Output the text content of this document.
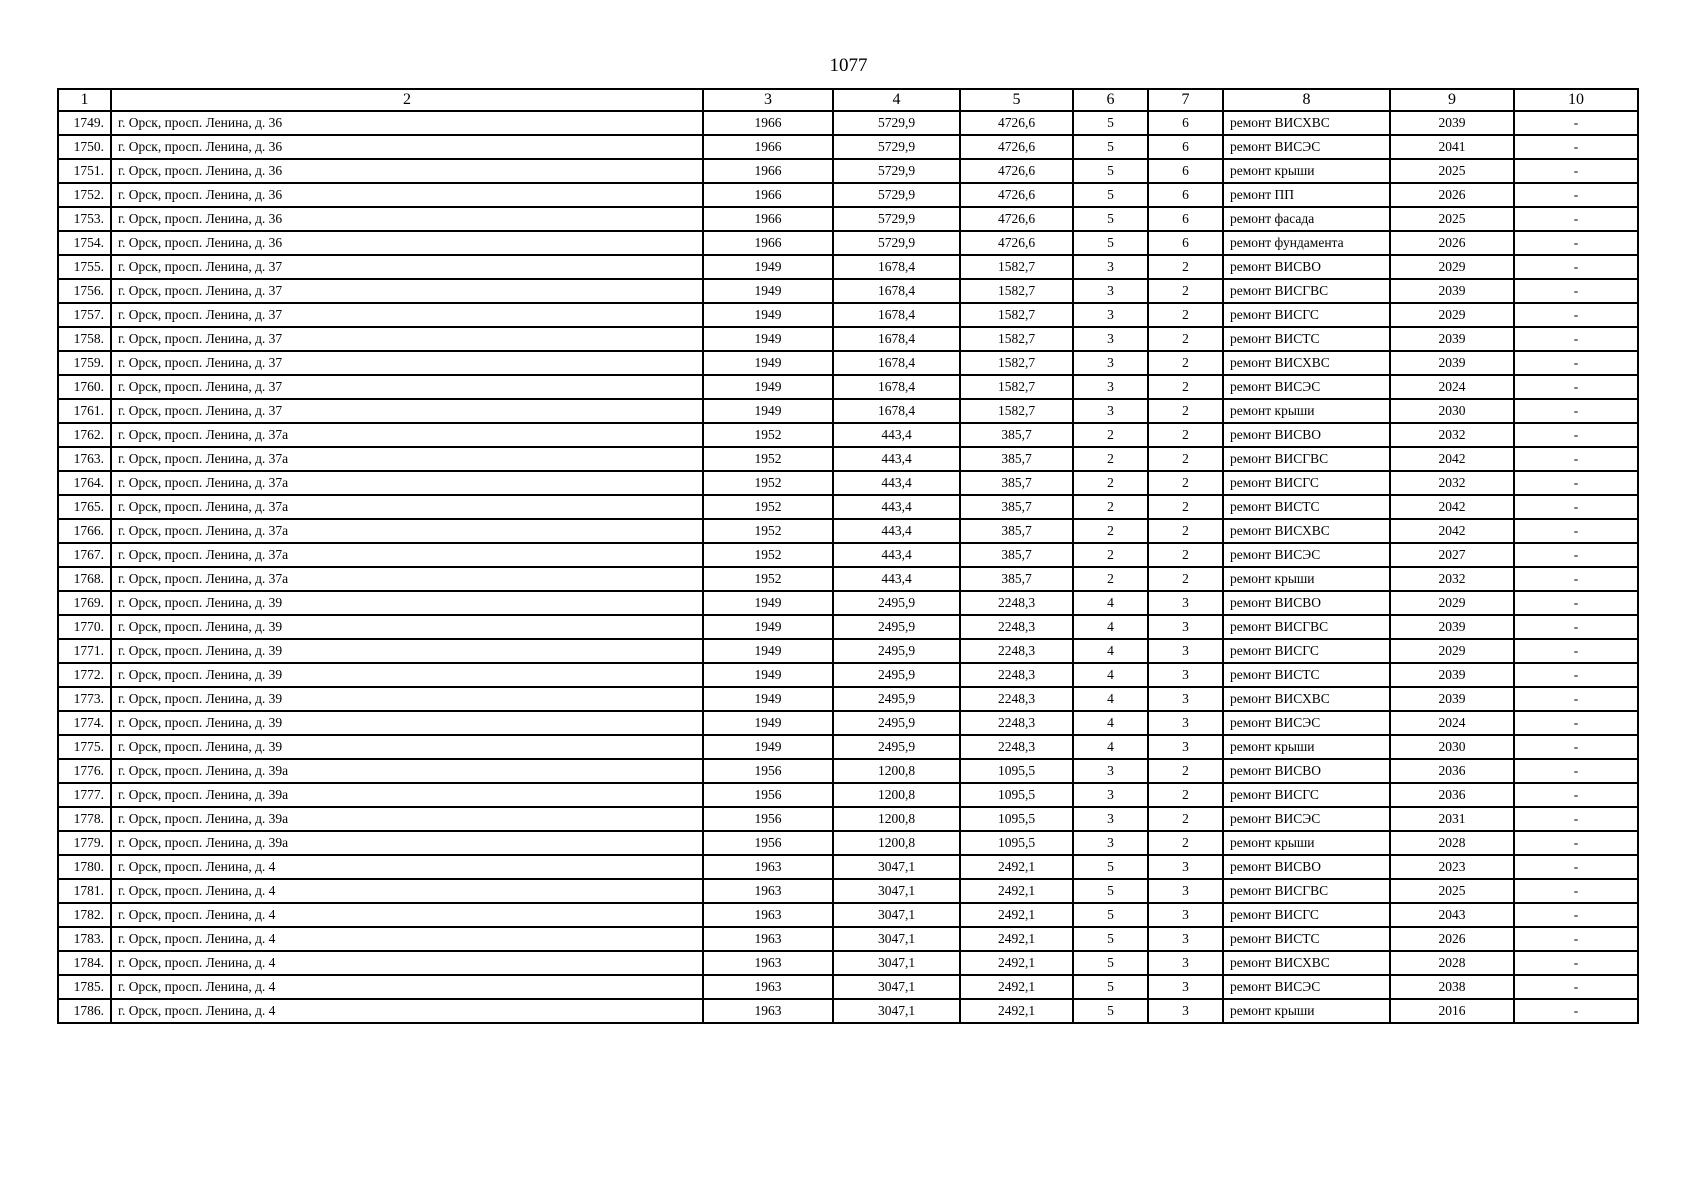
1077
1	2	3	4	5	6	7	8	9	10
1749.	г. Орск, просп. Ленина, д. 36	1966	5729,9	4726,6	5	6	ремонт ВИСХВС	2039	-
1750.	г. Орск, просп. Ленина, д. 36	1966	5729,9	4726,6	5	6	ремонт ВИСЭС	2041	-
1751.	г. Орск, просп. Ленина, д. 36	1966	5729,9	4726,6	5	6	ремонт крыши	2025	-
1752.	г. Орск, просп. Ленина, д. 36	1966	5729,9	4726,6	5	6	ремонт ПП	2026	-
1753.	г. Орск, просп. Ленина, д. 36	1966	5729,9	4726,6	5	6	ремонт фасада	2025	-
1754.	г. Орск, просп. Ленина, д. 36	1966	5729,9	4726,6	5	6	ремонт фундамента	2026	-
1755.	г. Орск, просп. Ленина, д. 37	1949	1678,4	1582,7	3	2	ремонт ВИСВО	2029	-
1756.	г. Орск, просп. Ленина, д. 37	1949	1678,4	1582,7	3	2	ремонт ВИСГВС	2039	-
1757.	г. Орск, просп. Ленина, д. 37	1949	1678,4	1582,7	3	2	ремонт ВИСГС	2029	-
1758.	г. Орск, просп. Ленина, д. 37	1949	1678,4	1582,7	3	2	ремонт ВИСТС	2039	-
1759.	г. Орск, просп. Ленина, д. 37	1949	1678,4	1582,7	3	2	ремонт ВИСХВС	2039	-
1760.	г. Орск, просп. Ленина, д. 37	1949	1678,4	1582,7	3	2	ремонт ВИСЭС	2024	-
1761.	г. Орск, просп. Ленина, д. 37	1949	1678,4	1582,7	3	2	ремонт крыши	2030	-
1762.	г. Орск, просп. Ленина, д. 37а	1952	443,4	385,7	2	2	ремонт ВИСВО	2032	-
1763.	г. Орск, просп. Ленина, д. 37а	1952	443,4	385,7	2	2	ремонт ВИСГВС	2042	-
1764.	г. Орск, просп. Ленина, д. 37а	1952	443,4	385,7	2	2	ремонт ВИСГС	2032	-
1765.	г. Орск, просп. Ленина, д. 37а	1952	443,4	385,7	2	2	ремонт ВИСТС	2042	-
1766.	г. Орск, просп. Ленина, д. 37а	1952	443,4	385,7	2	2	ремонт ВИСХВС	2042	-
1767.	г. Орск, просп. Ленина, д. 37а	1952	443,4	385,7	2	2	ремонт ВИСЭС	2027	-
1768.	г. Орск, просп. Ленина, д. 37а	1952	443,4	385,7	2	2	ремонт крыши	2032	-
1769.	г. Орск, просп. Ленина, д. 39	1949	2495,9	2248,3	4	3	ремонт ВИСВО	2029	-
1770.	г. Орск, просп. Ленина, д. 39	1949	2495,9	2248,3	4	3	ремонт ВИСГВС	2039	-
1771.	г. Орск, просп. Ленина, д. 39	1949	2495,9	2248,3	4	3	ремонт ВИСГС	2029	-
1772.	г. Орск, просп. Ленина, д. 39	1949	2495,9	2248,3	4	3	ремонт ВИСТС	2039	-
1773.	г. Орск, просп. Ленина, д. 39	1949	2495,9	2248,3	4	3	ремонт ВИСХВС	2039	-
1774.	г. Орск, просп. Ленина, д. 39	1949	2495,9	2248,3	4	3	ремонт ВИСЭС	2024	-
1775.	г. Орск, просп. Ленина, д. 39	1949	2495,9	2248,3	4	3	ремонт крыши	2030	-
1776.	г. Орск, просп. Ленина, д. 39а	1956	1200,8	1095,5	3	2	ремонт ВИСВО	2036	-
1777.	г. Орск, просп. Ленина, д. 39а	1956	1200,8	1095,5	3	2	ремонт ВИСГС	2036	-
1778.	г. Орск, просп. Ленина, д. 39а	1956	1200,8	1095,5	3	2	ремонт ВИСЭС	2031	-
1779.	г. Орск, просп. Ленина, д. 39а	1956	1200,8	1095,5	3	2	ремонт крыши	2028	-
1780.	г. Орск, просп. Ленина, д. 4	1963	3047,1	2492,1	5	3	ремонт ВИСВО	2023	-
1781.	г. Орск, просп. Ленина, д. 4	1963	3047,1	2492,1	5	3	ремонт ВИСГВС	2025	-
1782.	г. Орск, просп. Ленина, д. 4	1963	3047,1	2492,1	5	3	ремонт ВИСГС	2043	-
1783.	г. Орск, просп. Ленина, д. 4	1963	3047,1	2492,1	5	3	ремонт ВИСТС	2026	-
1784.	г. Орск, просп. Ленина, д. 4	1963	3047,1	2492,1	5	3	ремонт ВИСХВС	2028	-
1785.	г. Орск, просп. Ленина, д. 4	1963	3047,1	2492,1	5	3	ремонт ВИСЭС	2038	-
1786.	г. Орск, просп. Ленина, д. 4	1963	3047,1	2492,1	5	3	ремонт крыши	2016	-
